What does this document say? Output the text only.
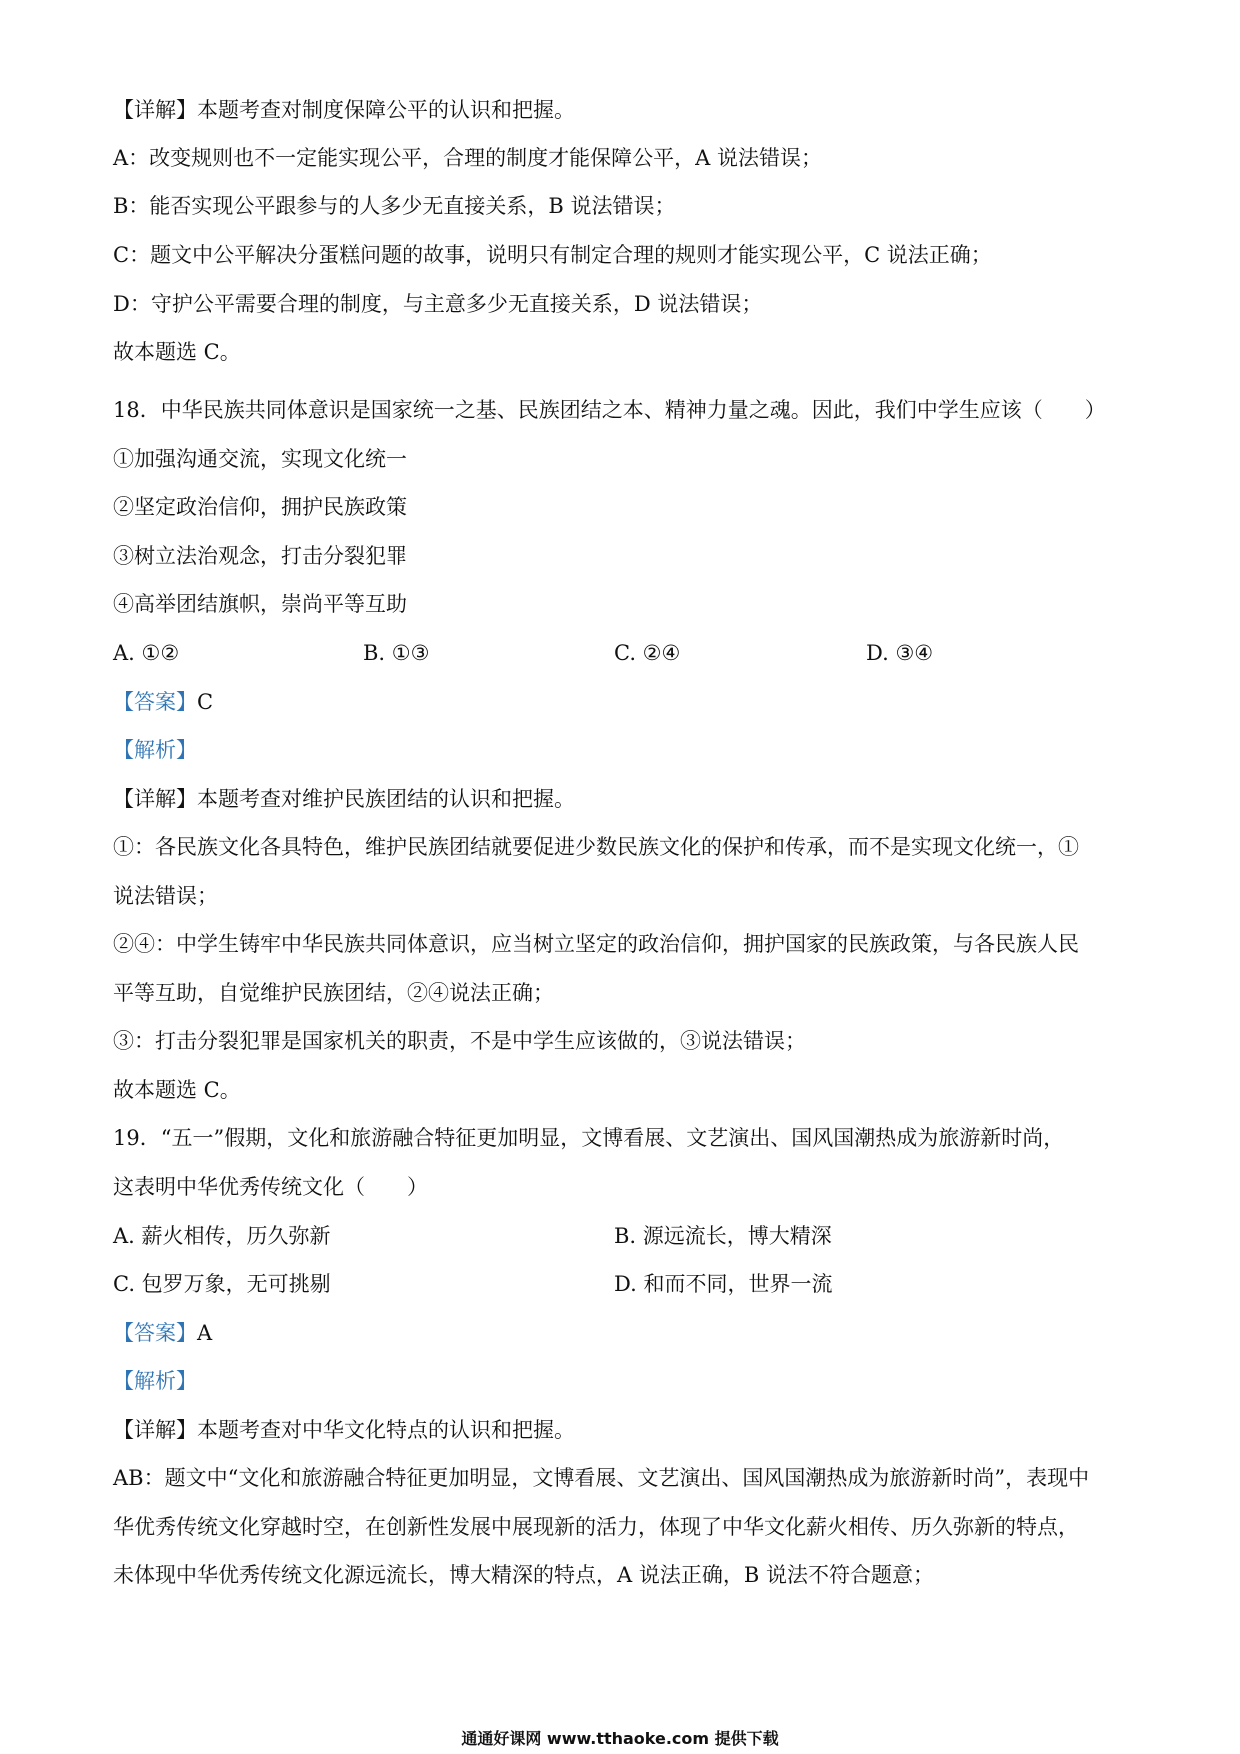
【详解】本题考查对制度保障公平的认识和把握。
A：改变规则也不一定能实现公平，合理的制度才能保障公平，A 说法错误；
B：能否实现公平跟参与的人多少无直接关系，B 说法错误；
C：题文中公平解决分蛋糕问题的故事，说明只有制定合理的规则才能实现公平，C 说法正确；
D：守护公平需要合理的制度，与主意多少无直接关系，D 说法错误；
故本题选 C。
18．中华民族共同体意识是国家统一之基、民族团结之本、精神力量之魂。因此，我们中学生应该（　　）
①加强沟通交流，实现文化统一
②坚定政治信仰，拥护民族政策
③树立法治观念，打击分裂犯罪
④高举团结旗帜，崇尚平等互助
A. ①②	B. ①③	C. ②④	D. ③④
【答案】C
【解析】
【详解】本题考查对维护民族团结的认识和把握。
①：各民族文化各具特色，维护民族团结就要促进少数民族文化的保护和传承，而不是实现文化统一，①
说法错误；
②④：中学生铸牢中华民族共同体意识，应当树立坚定的政治信仰，拥护国家的民族政策，与各民族人民
平等互助，自觉维护民族团结，②④说法正确；
③：打击分裂犯罪是国家机关的职责，不是中学生应该做的，③说法错误；
故本题选 C。
19．“五一”假期，文化和旅游融合特征更加明显，文博看展、文艺演出、国风国潮热成为旅游新时尚，
这表明中华优秀传统文化（　　）
A. 薪火相传，历久弥新	B. 源远流长，博大精深
C. 包罗万象，无可挑剔	D. 和而不同，世界一流
【答案】A
【解析】
【详解】本题考查对中华文化特点的认识和把握。
AB：题文中“文化和旅游融合特征更加明显，文博看展、文艺演出、国风国潮热成为旅游新时尚”，表现中
华优秀传统文化穿越时空，在创新性发展中展现新的活力，体现了中华文化薪火相传、历久弥新的特点，
未体现中华优秀传统文化源远流长，博大精深的特点，A 说法正确，B 说法不符合题意；
通通好课网 www.tthaoke.com 提供下载
